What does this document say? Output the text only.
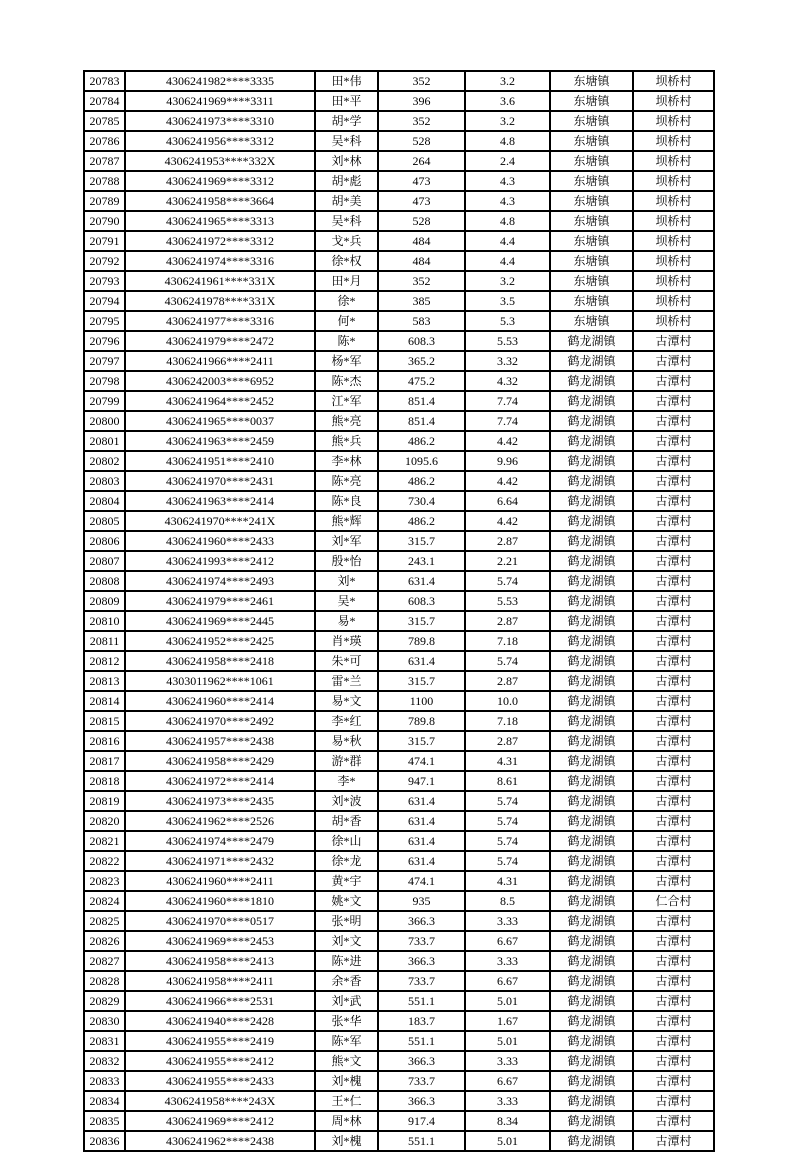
20783	4306241982****3335	田*伟	352	3.2	东塘镇	坝桥村
20784	4306241969****3311	田*平	396	3.6	东塘镇	坝桥村
20785	4306241973****3310	胡*学	352	3.2	东塘镇	坝桥村
20786	4306241956****3312	吴*科	528	4.8	东塘镇	坝桥村
20787	4306241953****332X	刘*林	264	2.4	东塘镇	坝桥村
20788	4306241969****3312	胡*彪	473	4.3	东塘镇	坝桥村
20789	4306241958****3664	胡*美	473	4.3	东塘镇	坝桥村
20790	4306241965****3313	吴*科	528	4.8	东塘镇	坝桥村
20791	4306241972****3312	戈*兵	484	4.4	东塘镇	坝桥村
20792	4306241974****3316	徐*权	484	4.4	东塘镇	坝桥村
20793	4306241961****331X	田*月	352	3.2	东塘镇	坝桥村
20794	4306241978****331X	徐*	385	3.5	东塘镇	坝桥村
20795	4306241977****3316	何*	583	5.3	东塘镇	坝桥村
20796	4306241979****2472	陈*	608.3	5.53	鹤龙湖镇	古潭村
20797	4306241966****2411	杨*军	365.2	3.32	鹤龙湖镇	古潭村
20798	4306242003****6952	陈*杰	475.2	4.32	鹤龙湖镇	古潭村
20799	4306241964****2452	江*军	851.4	7.74	鹤龙湖镇	古潭村
20800	4306241965****0037	熊*亮	851.4	7.74	鹤龙湖镇	古潭村
20801	4306241963****2459	熊*兵	486.2	4.42	鹤龙湖镇	古潭村
20802	4306241951****2410	李*林	1095.6	9.96	鹤龙湖镇	古潭村
20803	4306241970****2431	陈*亮	486.2	4.42	鹤龙湖镇	古潭村
20804	4306241963****2414	陈*良	730.4	6.64	鹤龙湖镇	古潭村
20805	4306241970****241X	熊*辉	486.2	4.42	鹤龙湖镇	古潭村
20806	4306241960****2433	刘*军	315.7	2.87	鹤龙湖镇	古潭村
20807	4306241993****2412	殷*怡	243.1	2.21	鹤龙湖镇	古潭村
20808	4306241974****2493	刘*	631.4	5.74	鹤龙湖镇	古潭村
20809	4306241979****2461	吴*	608.3	5.53	鹤龙湖镇	古潭村
20810	4306241969****2445	易*	315.7	2.87	鹤龙湖镇	古潭村
20811	4306241952****2425	肖*瑛	789.8	7.18	鹤龙湖镇	古潭村
20812	4306241958****2418	朱*可	631.4	5.74	鹤龙湖镇	古潭村
20813	4303011962****1061	雷*兰	315.7	2.87	鹤龙湖镇	古潭村
20814	4306241960****2414	易*文	1100	10.0	鹤龙湖镇	古潭村
20815	4306241970****2492	李*红	789.8	7.18	鹤龙湖镇	古潭村
20816	4306241957****2438	易*秋	315.7	2.87	鹤龙湖镇	古潭村
20817	4306241958****2429	游*群	474.1	4.31	鹤龙湖镇	古潭村
20818	4306241972****2414	李*	947.1	8.61	鹤龙湖镇	古潭村
20819	4306241973****2435	刘*波	631.4	5.74	鹤龙湖镇	古潭村
20820	4306241962****2526	胡*香	631.4	5.74	鹤龙湖镇	古潭村
20821	4306241974****2479	徐*山	631.4	5.74	鹤龙湖镇	古潭村
20822	4306241971****2432	徐*龙	631.4	5.74	鹤龙湖镇	古潭村
20823	4306241960****2411	黄*宇	474.1	4.31	鹤龙湖镇	古潭村
20824	4306241960****1810	姚*文	935	8.5	鹤龙湖镇	仁合村
20825	4306241970****0517	张*明	366.3	3.33	鹤龙湖镇	古潭村
20826	4306241969****2453	刘*文	733.7	6.67	鹤龙湖镇	古潭村
20827	4306241958****2413	陈*进	366.3	3.33	鹤龙湖镇	古潭村
20828	4306241958****2411	余*香	733.7	6.67	鹤龙湖镇	古潭村
20829	4306241966****2531	刘*武	551.1	5.01	鹤龙湖镇	古潭村
20830	4306241940****2428	张*华	183.7	1.67	鹤龙湖镇	古潭村
20831	4306241955****2419	陈*军	551.1	5.01	鹤龙湖镇	古潭村
20832	4306241955****2412	熊*文	366.3	3.33	鹤龙湖镇	古潭村
20833	4306241955****2433	刘*槐	733.7	6.67	鹤龙湖镇	古潭村
20834	4306241958****243X	王*仁	366.3	3.33	鹤龙湖镇	古潭村
20835	4306241969****2412	周*林	917.4	8.34	鹤龙湖镇	古潭村
20836	4306241962****2438	刘*槐	551.1	5.01	鹤龙湖镇	古潭村
